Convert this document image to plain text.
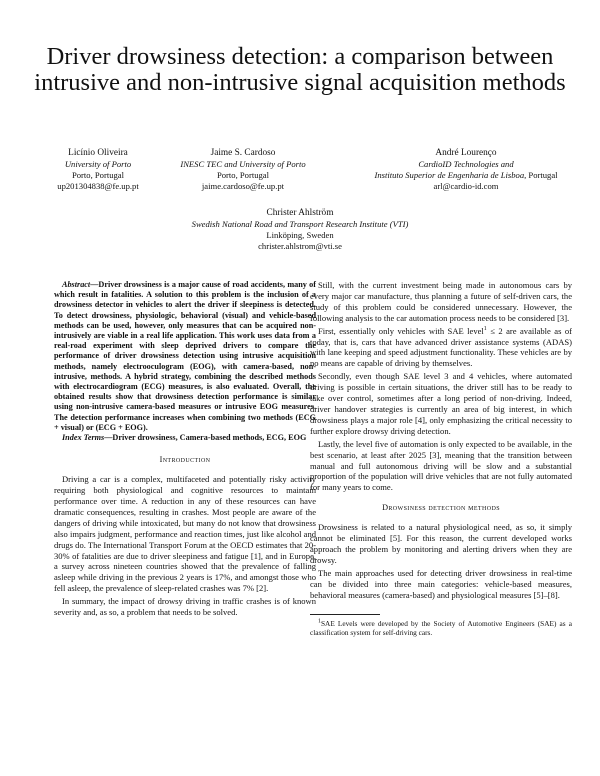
Driver drowsiness detection: a comparison between intrusive and non-intrusive signal acquisition methods
Licínio Oliveira
University of Porto
Porto, Portugal
up201304838@fe.up.pt
Jaime S. Cardoso
INESC TEC and University of Porto
Porto, Portugal
jaime.cardoso@fe.up.pt
André Lourenço
CardioID Technologies and
Instituto Superior de Engenharia de Lisboa, Portugal
arl@cardio-id.com
Christer Ahlström
Swedish National Road and Transport Research Institute (VTI)
Linköping, Sweden
christer.ahlstrom@vti.se

Abstract—Driver drowsiness is a major cause of road accidents, many of which result in fatalities. A solution to this problem is the inclusion of a drowsiness detector in vehicles to alert the driver if sleepiness is detected. To detect drowsiness, physiologic, behavioral (visual) and vehicle-based methods can be used, however, only measures that can be acquired non-intrusively are viable in a real life application. This work uses data from a real-road experiment with sleep deprived drivers to compare the performance of driver drowsiness detection using intrusive acquisition methods, namely electrooculogram (EOG), with camera-based, non-intrusive, methods. A hybrid strategy, combining the described methods with electrocardiogram (ECG) measures, is also evaluated. Overall, the obtained results show that drowsiness detection performance is similar using non-intrusive camera-based measures or intrusive EOG measures. The detection performance increases when combining two methods (ECG + visual) or (ECG + EOG).

Index Terms—Driver drowsiness, Camera-based methods, ECG, EOG

Introduction

Driving a car is a complex, multifaceted and potentially risky activity requiring both physiological and cognitive resources to maintain performance over time. A reduction in any of these resources can have dramatic consequences, resulting in crashes. Most people are aware of the dangers of driving while intoxicated, but many do not know that drowsiness also impairs judgment, performance and reaction times, just like alcohol and drugs do. The International Transport Forum at the OECD estimates that 20-30% of fatalities are due to driver sleepiness and fatigue [1], and in Europe, a survey across nineteen countries showed that the prevalence of falling asleep while driving in the previous 2 years is 17%, and amongst those who fell asleep, the prevalence of sleep-related crashes was 7% [2].

In summary, the impact of drowsy driving in traffic crashes is of known severity and, as so, a problem that needs to be solved.

Still, with the current investment being made in autonomous cars by every major car manufacture, thus planning a future of self-driven cars, the study of this problem could be considered unnecessary. However, the following analysis to the car automation process needs to be considered [3].

First, essentially only vehicles with SAE level$^1$ ≤ 2 are available as of today, that is, cars that have advanced driver assistance systems (ADAS) with lane keeping and speed adjustment functionality. These vehicles are by no means are capable of driving by themselves.

Secondly, even though SAE level 3 and 4 vehicles, where automated driving is possible in certain situations, the driver still has to be ready to take over control, sometimes after a long period of non-driving. Indeed, driver handover strategies is currently an area of big interest, in which drowsiness plays a major role [4], only emphasizing the critical necessity to further explore drowsy driving detection.

Lastly, the level five of automation is only expected to be available, in the best scenario, at least after 2025 [3], meaning that the transition between manual and full autonomous driving will be slow and a substantial proportion of the population will drive vehicles that are not fully automated for many years to come.

Drowsiness detection methods

Drowsiness is related to a natural physiological need, as so, it simply cannot be eliminated [5]. For this reason, the current developed works approach the problem by monitoring and alerting drivers when they are drowsy.

The main approaches used for detecting driver drowsiness in real-time can be divided into three main categories: vehicle-based measures, behavioral measures (camera-based) and physiological measures [5]–[8].

$^1$SAE Levels were developed by the Society of Automotive Engineers (SAE) as a classification system for self-driving cars.
